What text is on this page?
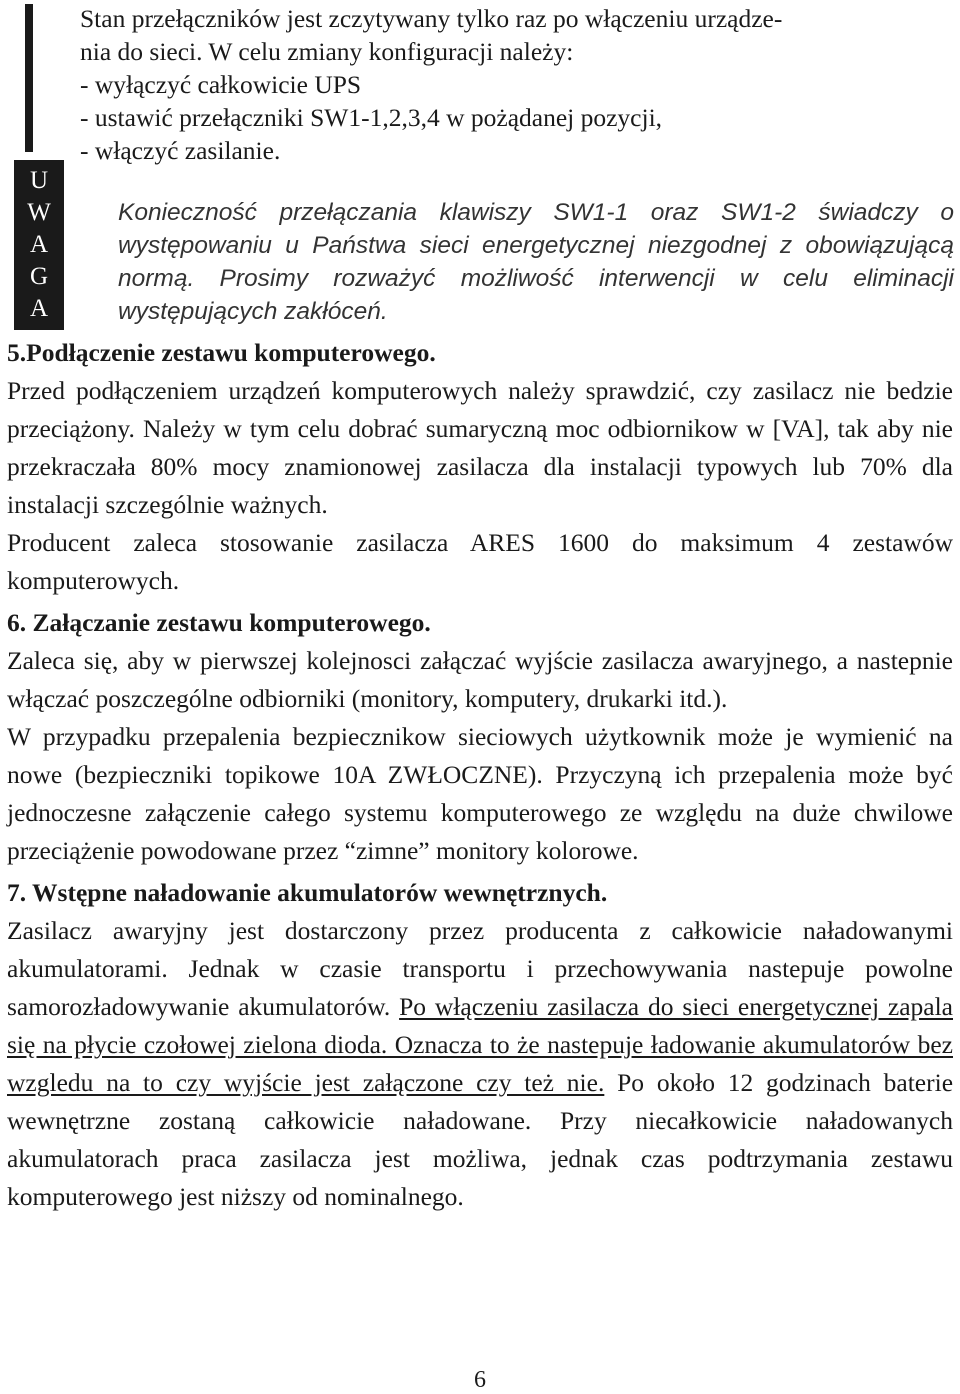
U
W
A
G
A

Stan przełączników jest zczytywany tylko raz po włączeniu urządze-

nia do sieci. W celu zmiany konfiguracji należy:

- wyłączyć całkowicie UPS

- ustawić przełączniki SW1-1,2,3,4 w pożądanej pozycji,

- włączyć zasilanie.

Konieczność przełączania klawiszy SW1-1 oraz SW1-2 świadczy o występowaniu u Państwa sieci energetycznej niezgodnej z obowiązującą normą. Prosimy rozważyć możliwość interwencji w celu eliminacji występujących zakłóceń.

5.Podłączenie zestawu komputerowego.

Przed podłączeniem urządzeń komputerowych należy sprawdzić, czy zasilacz nie bedzie przeciążony. Należy w tym celu dobrać sumaryczną moc odbiornikow w [VA], tak aby nie przekraczała 80% mocy znamionowej zasilacza dla instalacji typowych lub 70% dla instalacji szczególnie ważnych.

Producent zaleca stosowanie zasilacza ARES 1600 do maksimum 4 zestawów komputerowych.

6. Załączanie zestawu komputerowego.

Zaleca się, aby w pierwszej kolejnosci załączać wyjście zasilacza awaryjnego, a nastepnie włączać poszczególne odbiorniki (monitory, komputery, drukarki itd.).

W przypadku przepalenia bezpiecznikow sieciowych użytkownik może je wymienić na nowe (bezpieczniki topikowe 10A ZWŁOCZNE). Przyczyną ich przepalenia może być jednoczesne załączenie całego systemu komputerowego ze względu na duże chwilowe przeciążenie powodowane przez “zimne” monitory kolorowe.

7. Wstępne naładowanie akumulatorów wewnętrznych.

Zasilacz awaryjny jest dostarczony przez producenta z całkowicie naładowanymi akumulatorami. Jednak w czasie transportu i przechowywania nastepuje powolne samorozładowywanie akumulatorów. Po włączeniu zasilacza do sieci energetycznej zapala się na płycie czołowej zielona dioda. Oznacza to że nastepuje ładowanie akumulatorów bez wzgledu na to czy wyjście jest załączone czy też nie. Po około 12 godzinach baterie wewnętrzne zostaną całkowicie naładowane. Przy niecałkowicie naładowanych akumulatorach praca zasilacza jest możliwa, jednak czas podtrzymania zestawu komputerowego jest niższy od nominalnego.

6
